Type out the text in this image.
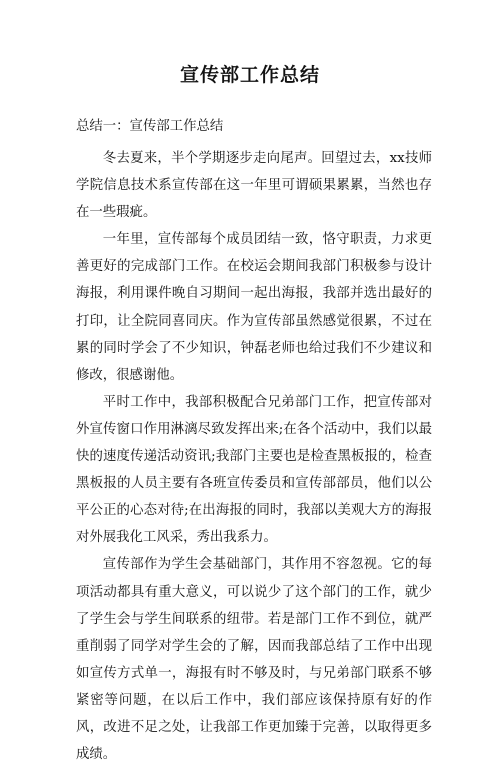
宣传部工作总结
总结一：宣传部工作总结

冬去夏来，半个学期逐步走向尾声。回望过去，xx技师学院信息技术系宣传部在这一年里可谓硕果累累，当然也存在一些瑕疵。

一年里，宣传部每个成员团结一致，恪守职责，力求更善更好的完成部门工作。在校运会期间我部门积极参与设计海报，利用课件晚自习期间一起出海报，我部并选出最好的打印，让全院同喜同庆。作为宣传部虽然感觉很累，不过在累的同时学会了不少知识，钟磊老师也给过我们不少建议和修改，很感谢他。

平时工作中，我部积极配合兄弟部门工作，把宣传部对外宣传窗口作用淋漓尽致发挥出来;在各个活动中，我们以最快的速度传递活动资讯;我部门主要也是检查黑板报的，检查黑板报的人员主要有各班宣传委员和宣传部部员，他们以公平公正的心态对待;在出海报的同时，我部以美观大方的海报对外展我化工风采，秀出我系力。

宣传部作为学生会基础部门，其作用不容忽视。它的每项活动都具有重大意义，可以说少了这个部门的工作，就少了学生会与学生间联系的纽带。若是部门工作不到位，就严重削弱了同学对学生会的了解，因而我部总结了工作中出现如宣传方式单一，海报有时不够及时，与兄弟部门联系不够紧密等问题，在以后工作中，我们部应该保持原有好的作风，改进不足之处，让我部工作更加臻于完善，以取得更多成绩。
